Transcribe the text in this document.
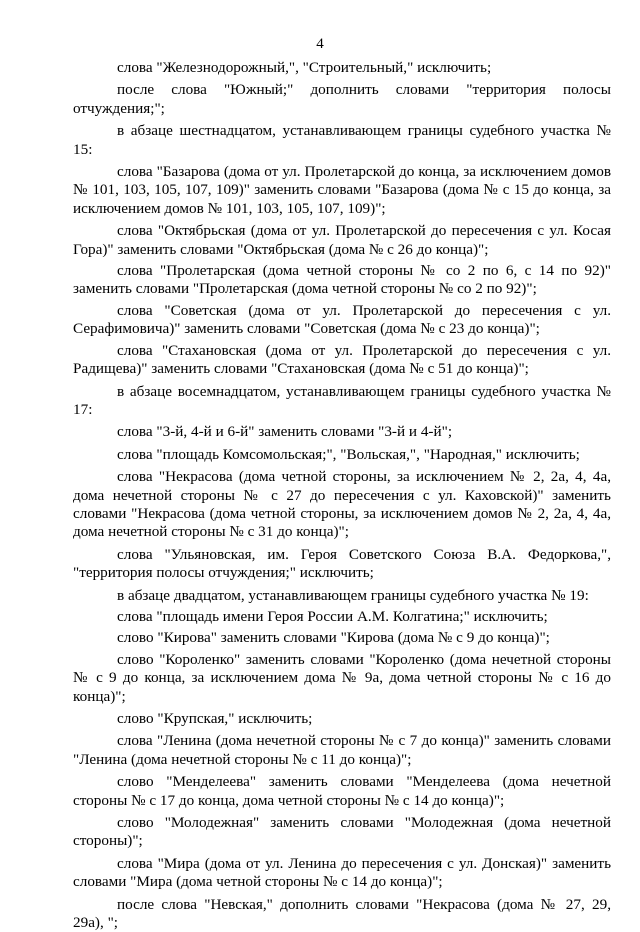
4

слова "Железнодорожный,", "Строительный," исключить;

после слова "Южный;" дополнить словами "территория полосы отчуждения;";

в абзаце шестнадцатом, устанавливающем границы судебного участка № 15:

слова "Базарова (дома от ул. Пролетарской до конца, за исключением домов № 101, 103, 105, 107, 109)" заменить словами "Базарова (дома № с 15 до конца, за исключением домов № 101, 103, 105, 107, 109)";

слова "Октябрьская (дома от ул. Пролетарской до пересечения с ул. Косая Гора)" заменить словами "Октябрьская (дома № с 26 до конца)";

слова "Пролетарская (дома четной стороны № со 2 по 6, с 14 по 92)" заменить словами "Пролетарская (дома четной стороны № со 2 по 92)";

слова "Советская (дома от ул. Пролетарской до пересечения с ул. Серафимовича)" заменить словами "Советская (дома № с 23 до конца)";

слова "Стахановская (дома от ул. Пролетарской до пересечения с ул. Радищева)" заменить словами "Стахановская (дома № с 51 до конца)";

в абзаце восемнадцатом, устанавливающем границы судебного участка № 17:

слова "3-й, 4-й и 6-й" заменить словами "3-й и 4-й";

слова "площадь Комсомольская;", "Вольская,", "Народная," исключить;

слова "Некрасова (дома четной стороны, за исключением № 2, 2а, 4, 4а, дома нечетной стороны № с 27 до пересечения с ул. Каховской)" заменить словами "Некрасова (дома четной стороны, за исключением домов № 2, 2а, 4, 4а, дома нечетной стороны № с 31 до конца)";

слова "Ульяновская, им. Героя Советского Союза В.А. Федоркова,", "территория полосы отчуждения;" исключить;

в абзаце двадцатом, устанавливающем границы судебного участка № 19:

слова "площадь имени Героя России А.М. Колгатина;" исключить;

слово "Кирова" заменить словами "Кирова (дома № с 9 до конца)";

слово "Короленко" заменить словами "Короленко (дома нечетной стороны № с 9 до конца, за исключением дома № 9а, дома четной стороны № с 16 до конца)";

слово "Крупская," исключить;

слова "Ленина (дома нечетной стороны № с 7 до конца)" заменить словами "Ленина (дома нечетной стороны № с 11 до конца)";

слово "Менделеева" заменить словами "Менделеева (дома нечетной стороны № с 17 до конца, дома четной стороны № с 14 до конца)";

слово "Молодежная" заменить словами "Молодежная (дома нечетной стороны)";

слова "Мира (дома от ул. Ленина до пересечения с ул. Донская)" заменить словами "Мира (дома четной стороны № с 14 до конца)";

после слова "Невская," дополнить словами "Некрасова (дома № 27, 29, 29а), ";
